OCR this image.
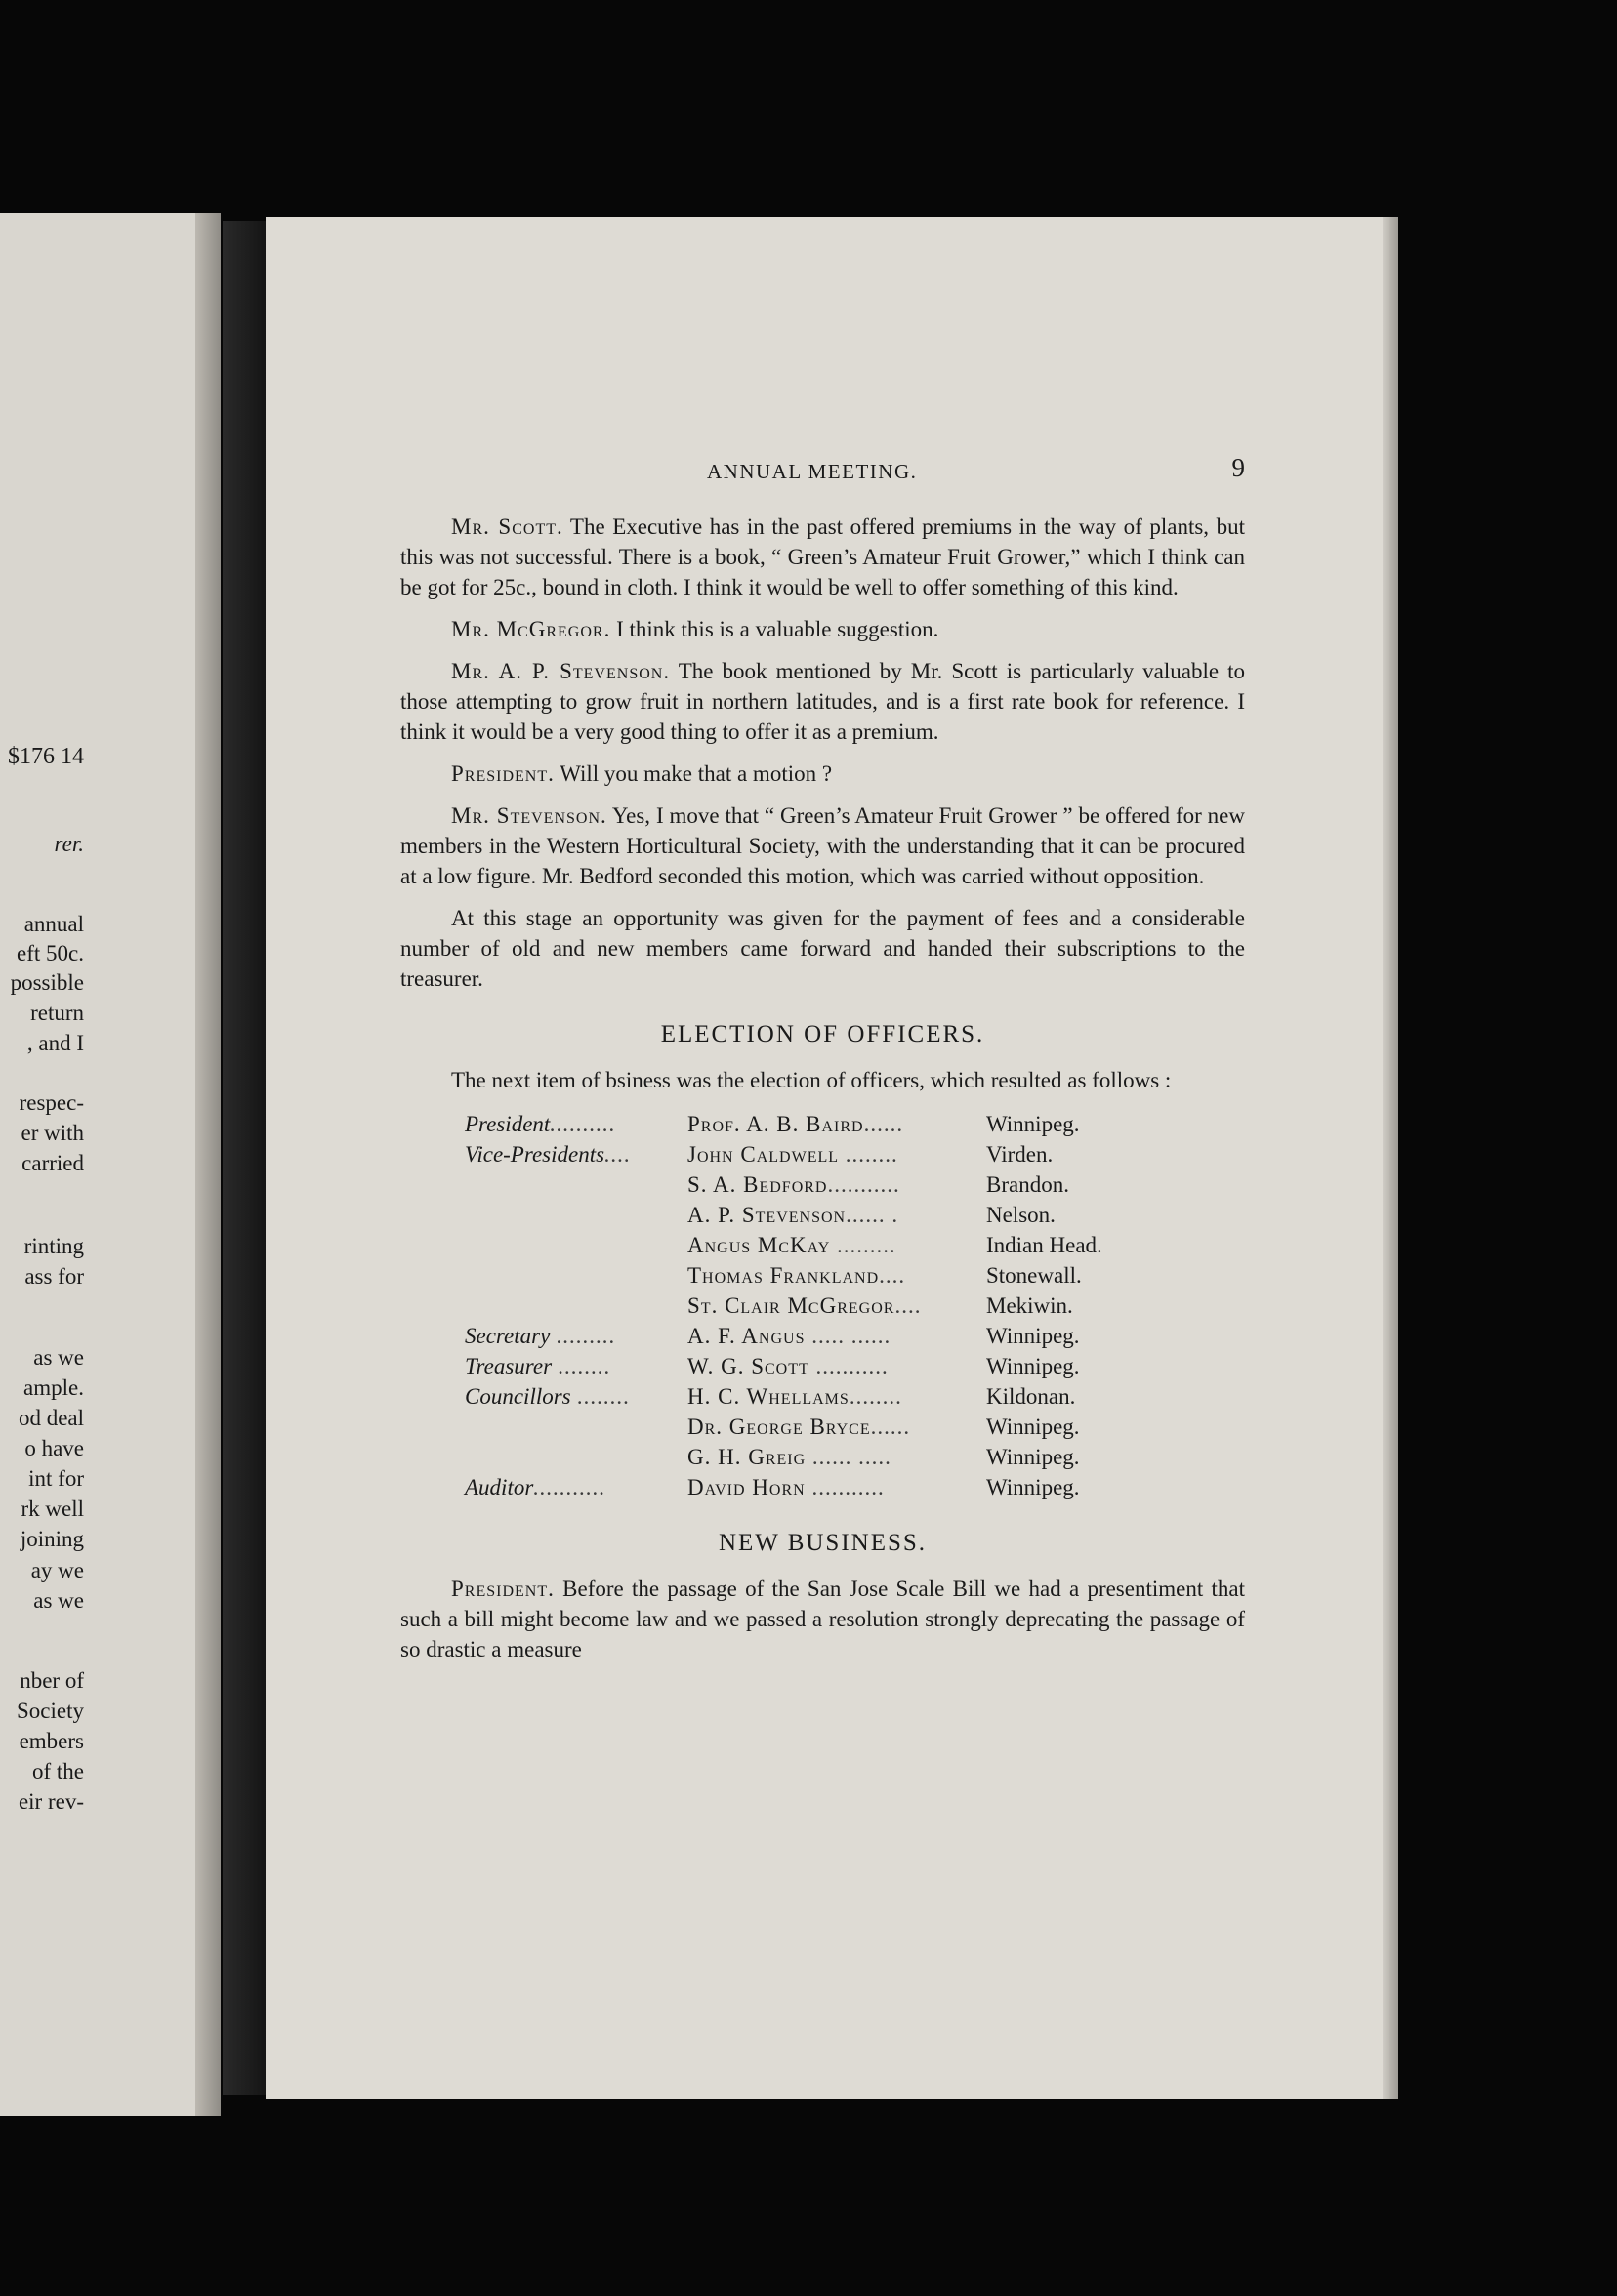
$176 14
rer.
annual
eft 50c.
possible
return
, and I
respec-
er with
carried
rinting
ass for
as we
ample.
od deal
o have
int for
rk well
joining
ay we
as we
nber of
Society
embers
of the
eir rev-
ANNUAL MEETING.	9

Mr. Scott. The Executive has in the past offered premiums in the way of plants, but this was not successful. There is a book, “ Green’s Amateur Fruit Grower,” which I think can be got for 25c., bound in cloth. I think it would be well to offer something of this kind.

Mr. McGregor. I think this is a valuable suggestion.

Mr. A. P. Stevenson. The book mentioned by Mr. Scott is particularly valuable to those attempting to grow fruit in northern latitudes, and is a first rate book for reference. I think it would be a very good thing to offer it as a premium.

President. Will you make that a motion ?

Mr. Stevenson. Yes, I move that “ Green’s Amateur Fruit Grower ” be offered for new members in the Western Horticultural Society, with the understanding that it can be procured at a low figure. Mr. Bedford seconded this motion, which was carried without opposition.

At this stage an opportunity was given for the payment of fees and a considerable number of old and new members came forward and handed their subscriptions to the treasurer.

ELECTION OF OFFICERS.

The next item of bsiness was the election of officers, which resulted as follows :

President..........	Prof. A. B. Baird......	Winnipeg.
Vice-Presidents....	John Caldwell ........	Virden.
	S. A. Bedford...........	Brandon.
	A. P. Stevenson...... .	Nelson.
	Angus McKay .........	Indian Head.
	Thomas Frankland....	Stonewall.
	St. Clair McGregor....	Mekiwin.
Secretary .........	A. F. Angus ..... ......	Winnipeg.
Treasurer ........	W. G. Scott ...........	Winnipeg.
Councillors ........	H. C. Whellams........	Kildonan.
	Dr. George Bryce......	Winnipeg.
	G. H. Greig ...... .....	Winnipeg.
Auditor...........	David Horn ...........	Winnipeg.
NEW BUSINESS.

President. Before the passage of the San Jose Scale Bill we had a presentiment that such a bill might become law and we passed a resolution strongly deprecating the passage of so drastic a measure
